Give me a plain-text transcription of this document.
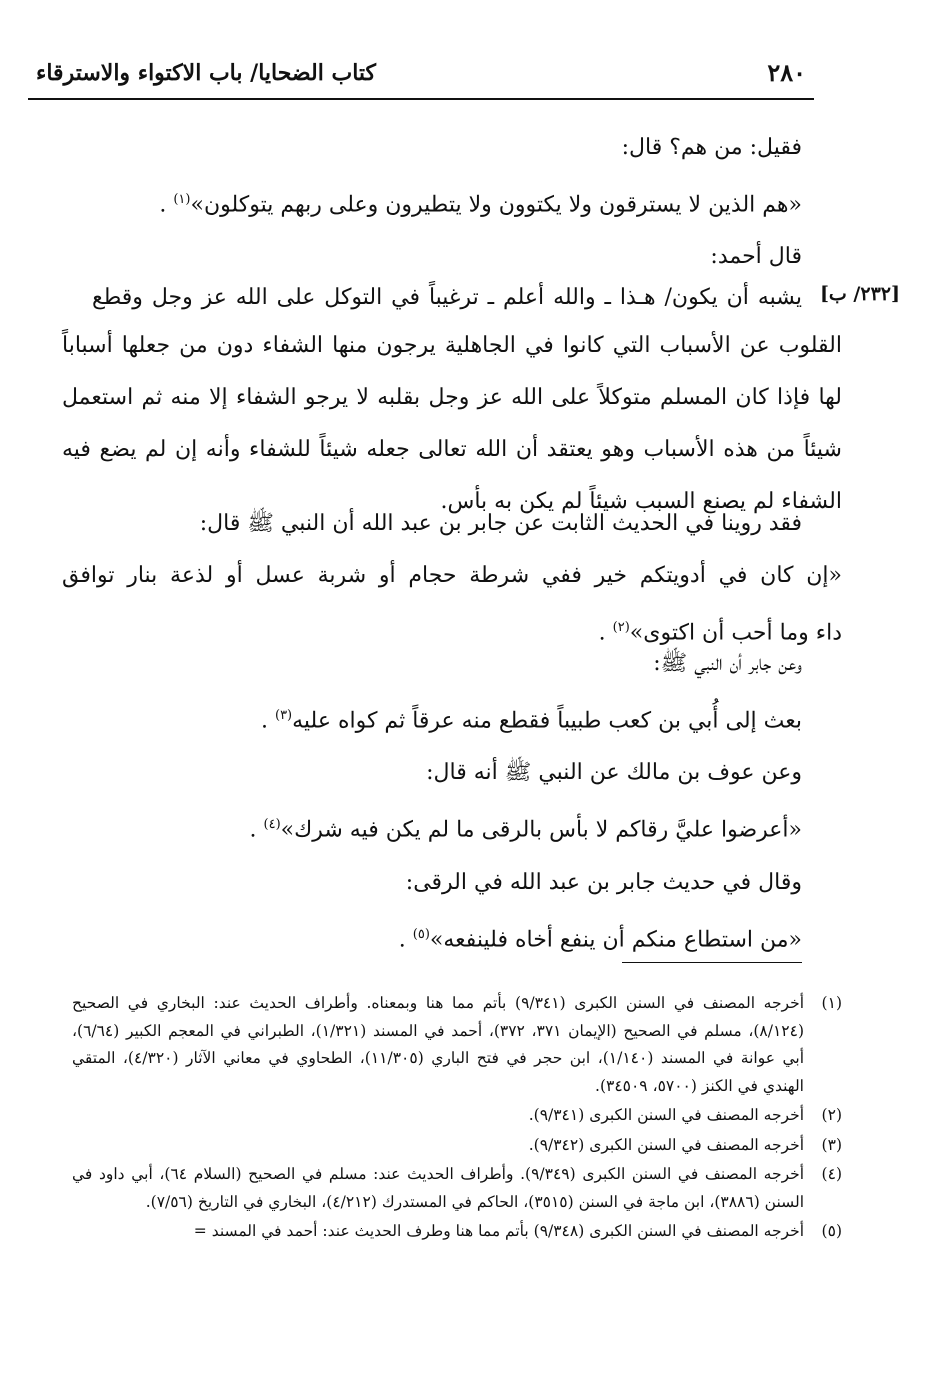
٢٨٠
كتاب الضحايا/ باب الاكتواء والاسترقاء
[٢٣٢/ ب]

فقيل: من هم؟ قال:

«هم الذين لا يسترقون ولا يكتوون ولا يتطيرون وعلى ربهم يتوكلون»$^{(١)}$ .

قال أحمد:

يشبه أن يكون/ هـذا ـ والله أعلم ـ ترغيباً في التوكل على الله عز وجل وقطع

القلوب عن الأسباب التي كانوا في الجاهلية يرجون منها الشفاء دون من جعلها أسباباً

لها فإذا كان المسلم متوكلاً على الله عز وجل بقلبه لا يرجو الشفاء إلا منه ثم استعمل

شيئاً من هذه الأسباب وهو يعتقد أن الله تعالى جعله شيئاً للشفاء وأنه إن لم يضع فيه

الشفاء لم يصنع السبب شيئاً لم يكن به بأس.

فقد روينا في الحديث الثابت عن جابر بن عبد الله أن النبي ﷺ قال:

«إن كان في أدويتكم خير ففي شرطة حجام أو شربة عسل أو لذعة بنار توافق

داء وما أحب أن اكتوى»$^{(٢)}$ .

وعن جابر أن النبي ﷺ:

بعث إلى أُبي بن كعب طبيباً فقطع منه عرقاً ثم كواه عليه$^{(٣)}$ .

وعن عوف بن مالك عن النبي ﷺ أنه قال:

«أعرضوا عليَّ رقاكم لا بأس بالرقى ما لم يكن فيه شرك»$^{(٤)}$ .

وقال في حديث جابر بن عبد الله في الرقى:

«من استطاع منكم أن ينفع أخاه فلينفعه»$^{(٥)}$ .

(١)
أخرجه المصنف في السنن الكبرى (٩/٣٤١) بأتم مما هنا وبمعناه. وأطراف الحديث عند: البخاري في الصحيح (٨/١٢٤)، مسلم في الصحيح (الإيمان ٣٧١، ٣٧٢)، أحمد في المسند (١/٣٢١)، الطبراني في المعجم الكبير (٦/٦٤)، أبي عوانة في المسند (١/١٤٠)، ابن حجر في فتح الباري (١١/٣٠٥)، الطحاوي في معاني الآثار (٤/٣٢٠)، المتقي الهندي في الكنز (٥٧٠٠، ٣٤٥٠٩).
(٢)
أخرجه المصنف في السنن الكبرى (٩/٣٤١).
(٣)
أخرجه المصنف في السنن الكبرى (٩/٣٤٢).
(٤)
أخرجه المصنف في السنن الكبرى (٩/٣٤٩). وأطراف الحديث عند: مسلم في الصحيح (السلام ٦٤)، أبي داود في السنن (٣٨٨٦)، ابن ماجة في السنن (٣٥١٥)، الحاكم في المستدرك (٤/٢١٢)، البخاري في التاريخ (٧/٥٦).
(٥)
أخرجه المصنف في السنن الكبرى (٩/٣٤٨) بأتم مما هنا وطرف الحديث عند: أحمد في المسند =
